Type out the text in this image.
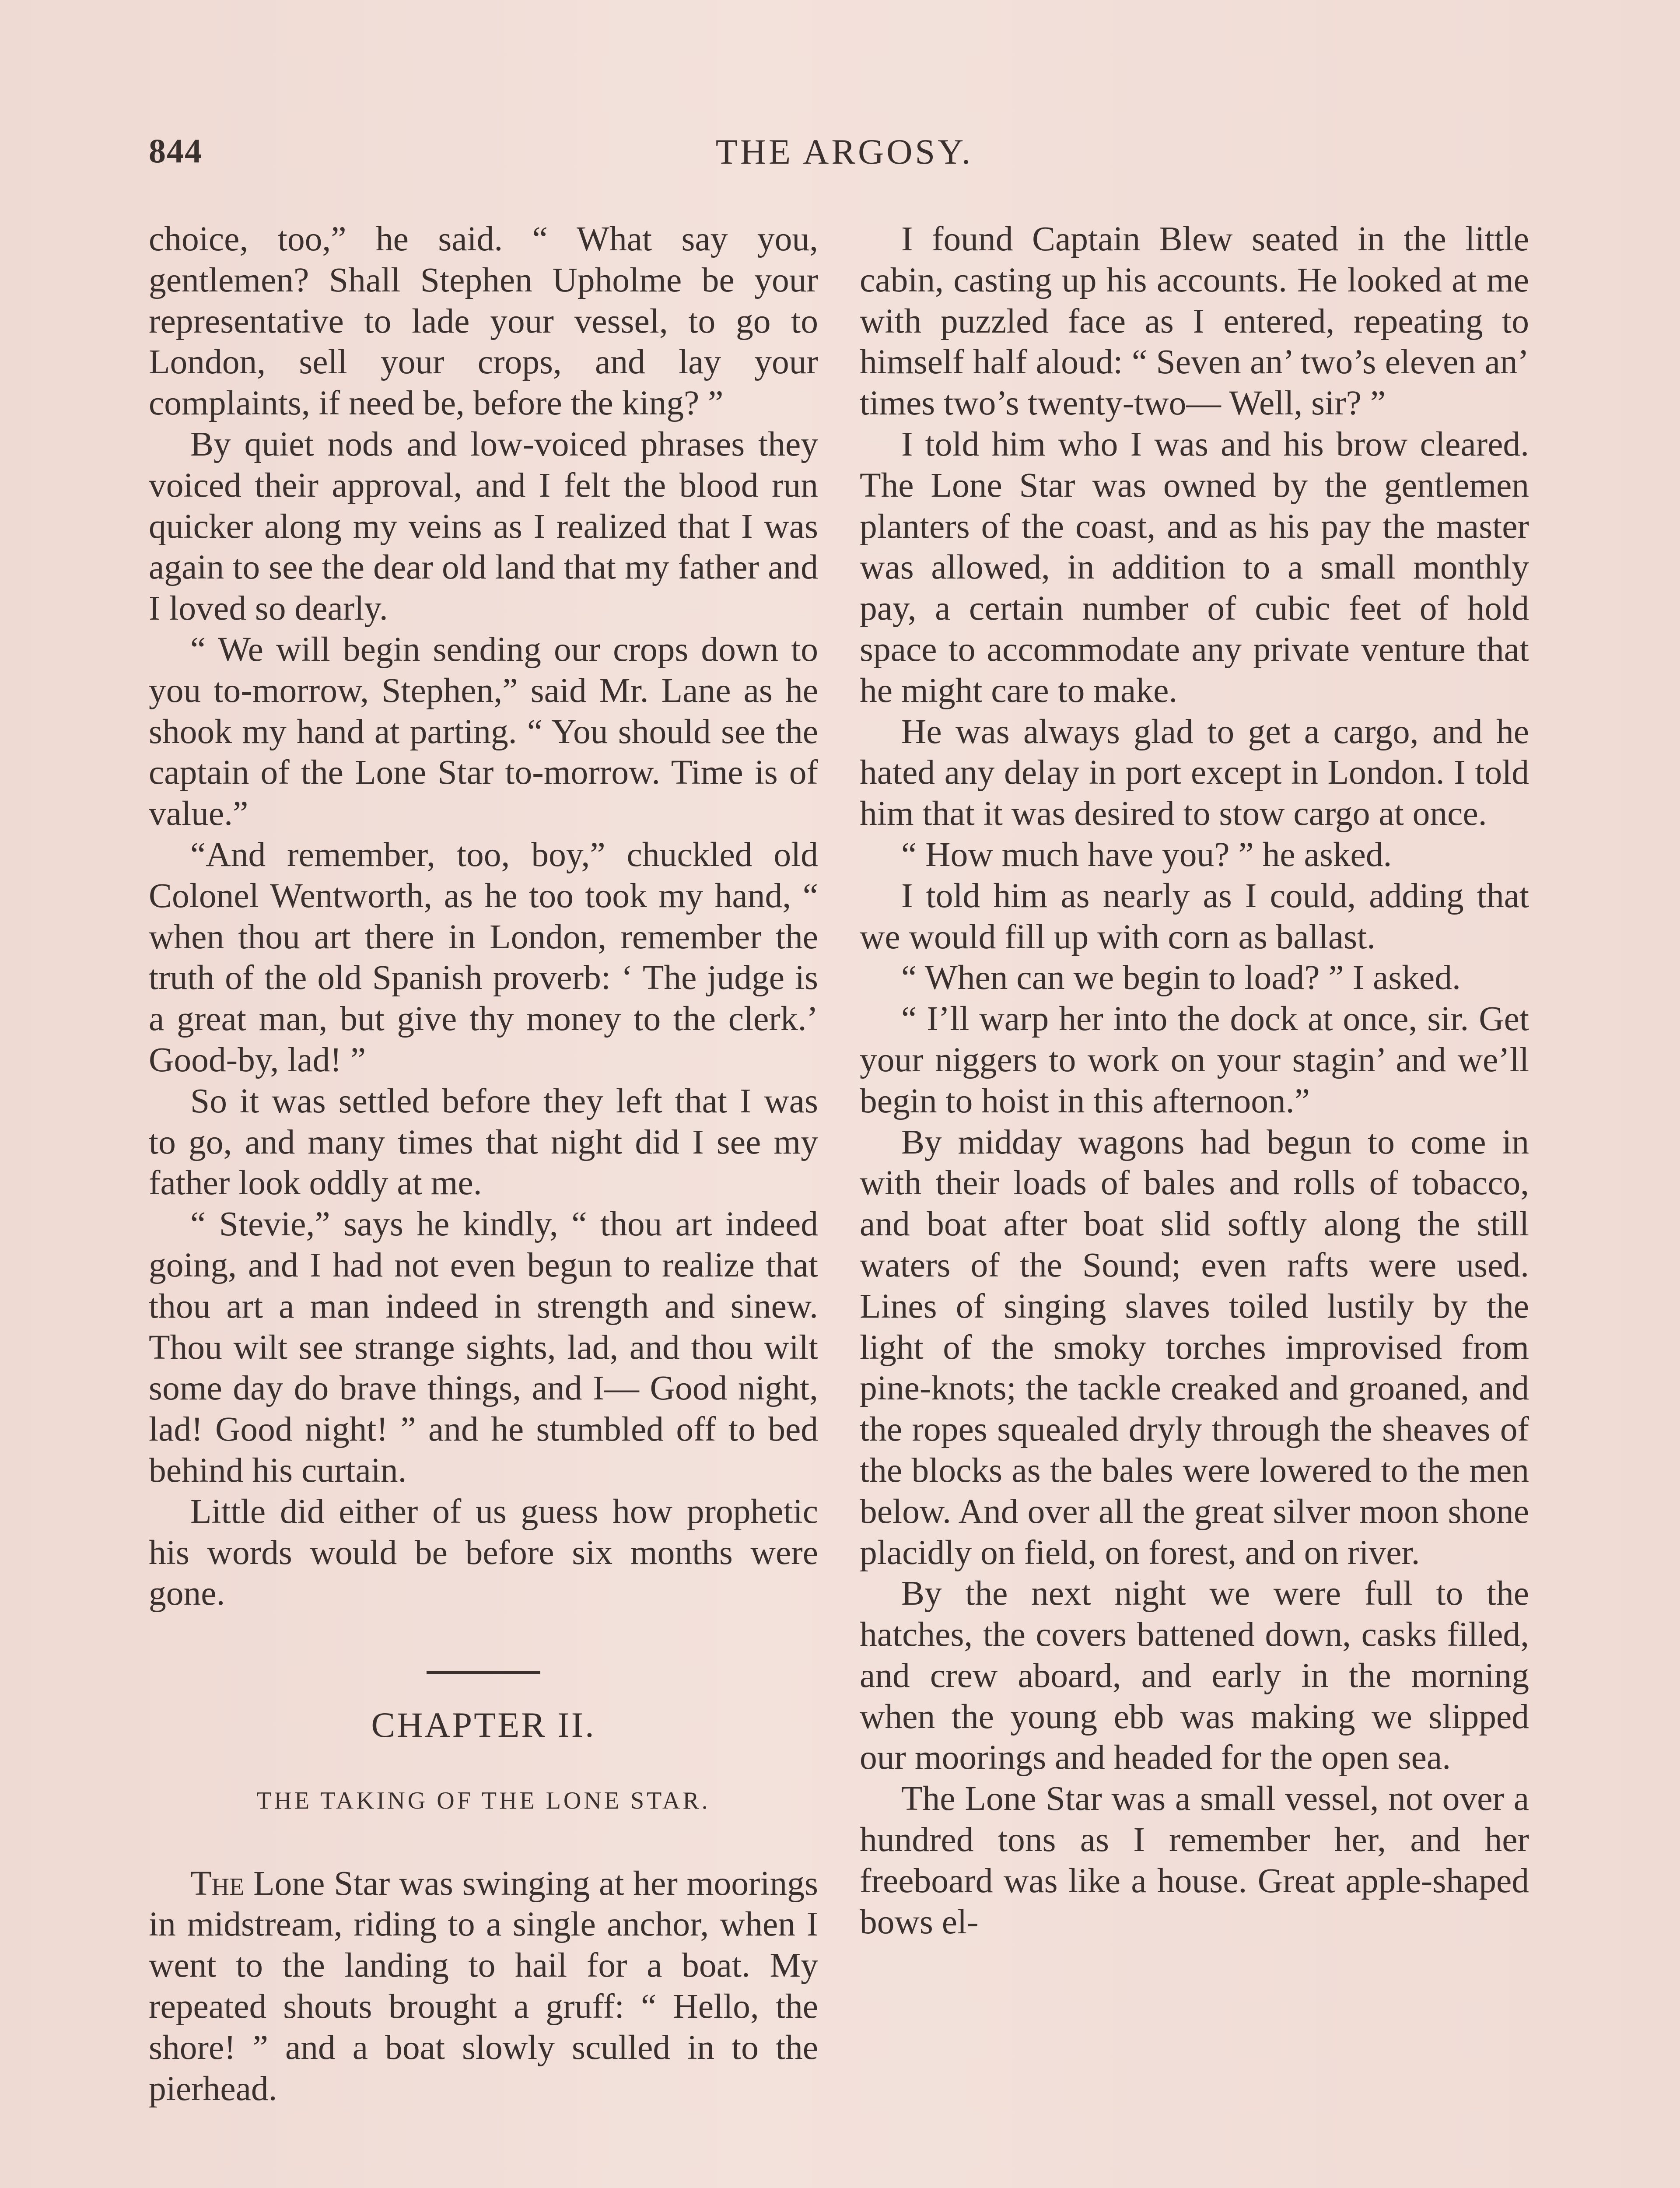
844	THE ARGOSY.

choice, too,” he said. “ What say you, gentlemen? Shall Stephen Upholme be your representative to lade your vessel, to go to London, sell your crops, and lay your complaints, if need be, before the king? ”

By quiet nods and low-voiced phrases they voiced their approval, and I felt the blood run quicker along my veins as I realized that I was again to see the dear old land that my father and I loved so dearly.

“ We will begin sending our crops down to you to-morrow, Stephen,” said Mr. Lane as he shook my hand at parting. “ You should see the captain of the Lone Star to-morrow. Time is of value.”

“And remember, too, boy,” chuckled old Colonel Wentworth, as he too took my hand, “ when thou art there in London, remember the truth of the old Spanish proverb: ‘ The judge is a great man, but give thy money to the clerk.’ Good-by, lad! ”

So it was settled before they left that I was to go, and many times that night did I see my father look oddly at me.

“ Stevie,” says he kindly, “ thou art indeed going, and I had not even begun to realize that thou art a man indeed in strength and sinew. Thou wilt see strange sights, lad, and thou wilt some day do brave things, and I— Good night, lad! Good night! ” and he stumbled off to bed behind his curtain.

Little did either of us guess how prophetic his words would be before six months were gone.

CHAPTER II.
THE TAKING OF THE LONE STAR.

The Lone Star was swinging at her moorings in midstream, riding to a single anchor, when I went to the landing to hail for a boat. My repeated shouts brought a gruff: “ Hello, the shore! ” and a boat slowly sculled in to the pierhead.

I found Captain Blew seated in the little cabin, casting up his accounts. He looked at me with puzzled face as I entered, repeating to himself half aloud: “ Seven an’ two’s eleven an’ times two’s twenty-two— Well, sir? ”

I told him who I was and his brow cleared. The Lone Star was owned by the gentlemen planters of the coast, and as his pay the master was allowed, in addition to a small monthly pay, a certain number of cubic feet of hold space to accommodate any private venture that he might care to make.

He was always glad to get a cargo, and he hated any delay in port except in London. I told him that it was desired to stow cargo at once.

“ How much have you? ” he asked.

I told him as nearly as I could, adding that we would fill up with corn as ballast.

“ When can we begin to load? ” I asked.

“ I’ll warp her into the dock at once, sir. Get your niggers to work on your stagin’ and we’ll begin to hoist in this afternoon.”

By midday wagons had begun to come in with their loads of bales and rolls of tobacco, and boat after boat slid softly along the still waters of the Sound; even rafts were used. Lines of singing slaves toiled lustily by the light of the smoky torches improvised from pine-knots; the tackle creaked and groaned, and the ropes squealed dryly through the sheaves of the blocks as the bales were lowered to the men below. And over all the great silver moon shone placidly on field, on forest, and on river.

By the next night we were full to the hatches, the covers battened down, casks filled, and crew aboard, and early in the morning when the young ebb was making we slipped our moorings and headed for the open sea.

The Lone Star was a small vessel, not over a hundred tons as I remember her, and her freeboard was like a house. Great apple-shaped bows el-
